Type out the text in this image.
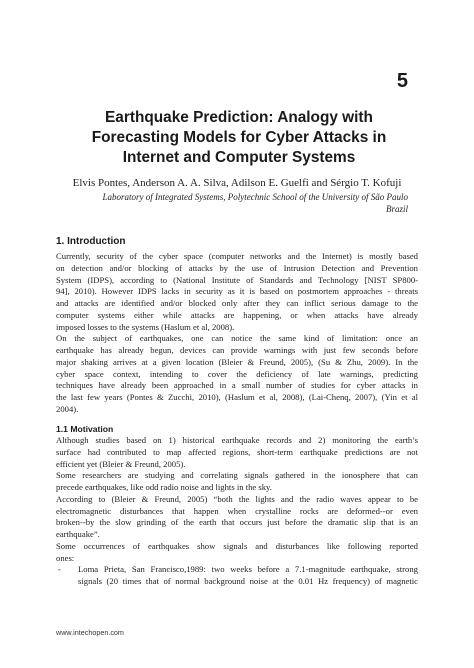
5
Earthquake Prediction: Analogy with
Forecasting Models for Cyber Attacks in
Internet and Computer Systems
Elvis Pontes, Anderson A. A. Silva, Adilson E. Guelfi and Sérgio T. Kofuji
Laboratory of Integrated Systems, Polytechnic School of the University of São Paulo
Brazil
1. Introduction
Currently, security of the cyber space (computer networks and the Internet) is mostly based
on detection and/or blocking of attacks by the use of Intrusion Detection and Prevention
System (IDPS), according to (National Institute of Standards and Technology [NIST SP800-
94], 2010). However IDPS lacks in security as it is based on postmortem approaches - threats
and attacks are identified and/or blocked only after they can inflict serious damage to the
computer systems either while attacks are happening, or when attacks have already
imposed losses to the systems (Haslum et al, 2008).
On the subject of earthquakes, one can notice the same kind of limitation: once an
earthquake has already begun, devices can provide warnings with just few seconds before
major shaking arrives at a given location (Bleier & Freund, 2005), (Su & Zhu, 2009). In the
cyber space context, intending to cover the deficiency of late warnings, predicting
techniques have already been approached in a small number of studies for cyber attacks in
the last few years (Pontes & Zucchi, 2010), (Haslum et al, 2008), (Lai-Chenq, 2007), (Yin et al
2004).
1.1 Motivation
Although studies based on 1) historical earthquake records and 2) monitoring the earth’s
surface had contributed to map affected regions, short-term earthquake predictions are not
efficient yet (Bleier & Freund, 2005).
Some researchers are studying and correlating signals gathered in the ionosphere that can
precede earthquakes, like odd radio noise and lights in the sky.
According to (Bleier & Freund, 2005) “both the lights and the radio waves appear to be
electromagnetic disturbances that happen when crystalline rocks are deformed--or even
broken--by the slow grinding of the earth that occurs just before the dramatic slip that is an
earthquake”.
Some occurrences of earthquakes show signals and disturbances like following reported
ones:
-	Loma Prieta, San Francisco,1989: two weeks before a 7.1-magnitude earthquake, strong
signals (20 times that of normal background noise at the 0.01 Hz frequency) of magnetic
www.intechopen.com
